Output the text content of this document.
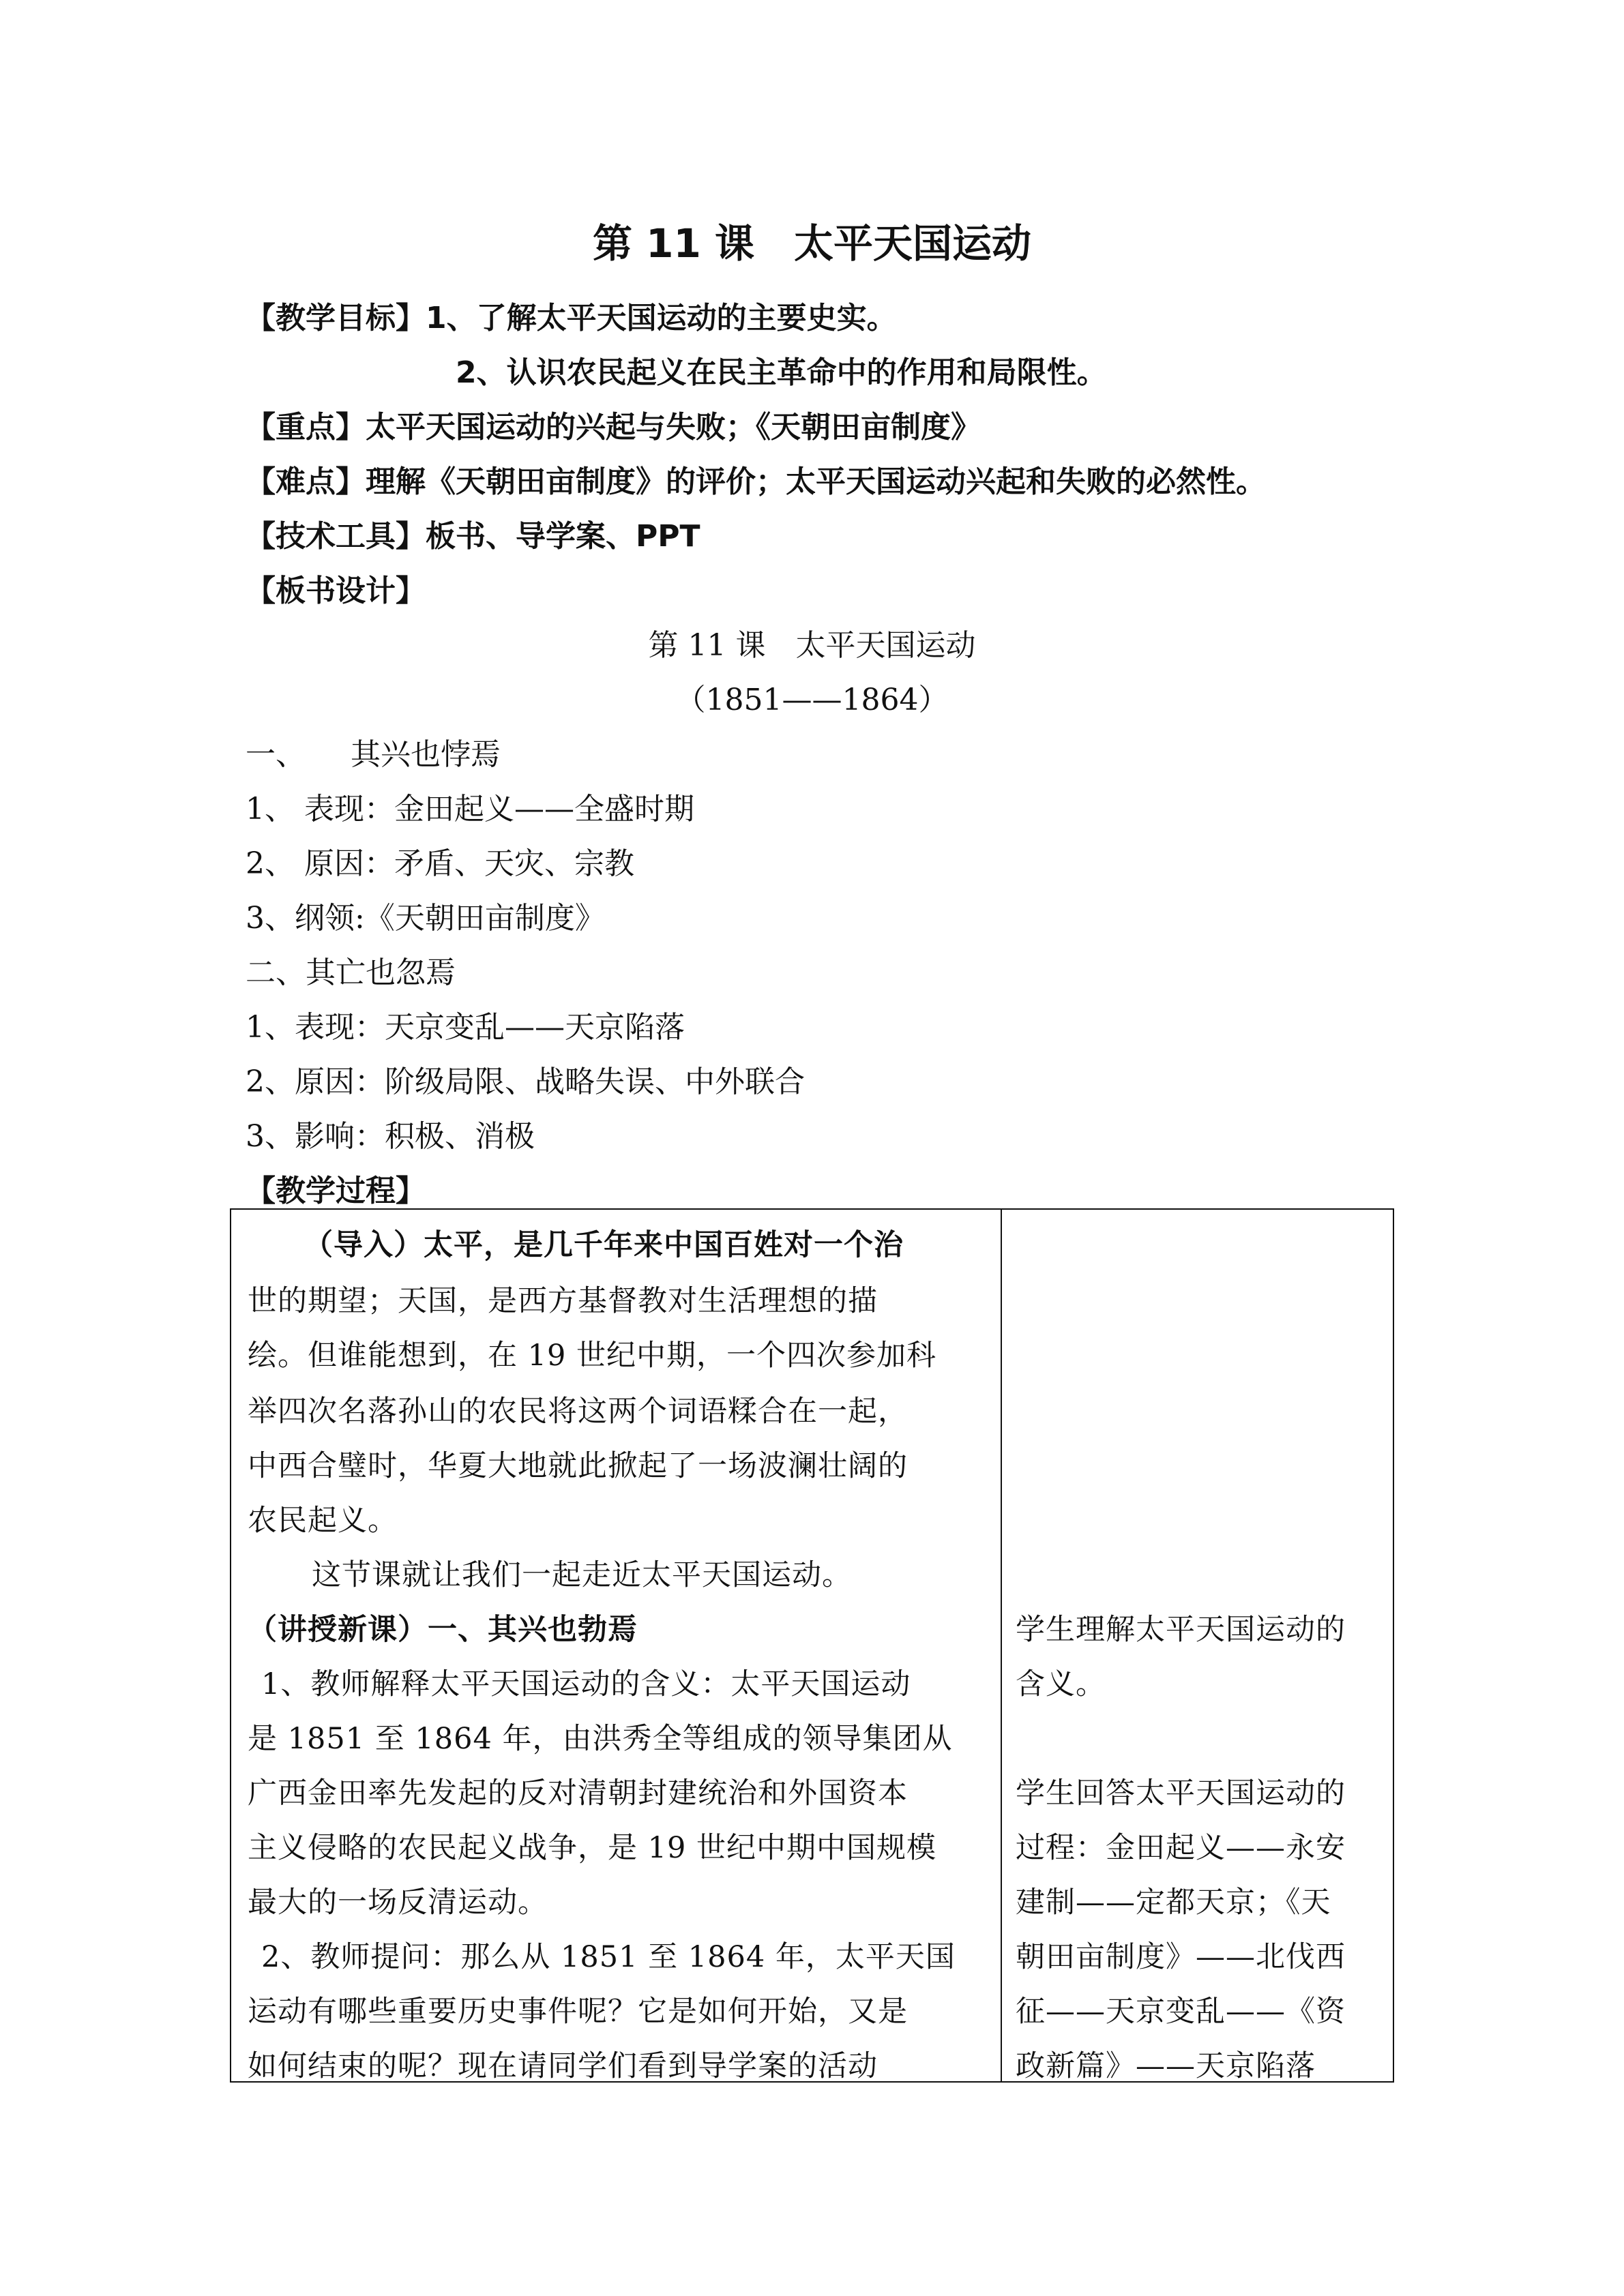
第 11 课　太平天国运动
【教学目标】1、了解太平天国运动的主要史实。
2、认识农民起义在民主革命中的作用和局限性。
【重点】太平天国运动的兴起与失败；《天朝田亩制度》
【难点】理解《天朝田亩制度》的评价；太平天国运动兴起和失败的必然性。
【技术工具】板书、导学案、PPT
【板书设计】
第 11 课　太平天国运动
（1851——1864）
一、　　其兴也悖焉
1、 表现：金田起义——全盛时期
2、 原因：矛盾、天灾、宗教
3、纲领:《天朝田亩制度》
二、其亡也忽焉
1、表现：天京变乱——天京陷落
2、原因：阶级局限、战略失误、中外联合
3、影响：积极、消极
【教学过程】
（导入）太平，是几千年来中国百姓对一个治
世的期望；天国，是西方基督教对生活理想的描
绘。但谁能想到，在 19 世纪中期，一个四次参加科
举四次名落孙山的农民将这两个词语糅合在一起，
中西合璧时，华夏大地就此掀起了一场波澜壮阔的
农民起义。
这节课就让我们一起走近太平天国运动。
（讲授新课）一、其兴也勃焉
1、教师解释太平天国运动的含义：太平天国运动
是 1851 至 1864 年，由洪秀全等组成的领导集团从
广西金田率先发起的反对清朝封建统治和外国资本
主义侵略的农民起义战争，是 19 世纪中期中国规模
最大的一场反清运动。
2、教师提问：那么从 1851 至 1864 年，太平天国
运动有哪些重要历史事件呢？它是如何开始，又是
如何结束的呢？现在请同学们看到导学案的活动
学生理解太平天国运动的
含义。
学生回答太平天国运动的
过程：金田起义——永安
建制——定都天京；《天
朝田亩制度》——北伐西
征——天京变乱——《资
政新篇》——天京陷落
